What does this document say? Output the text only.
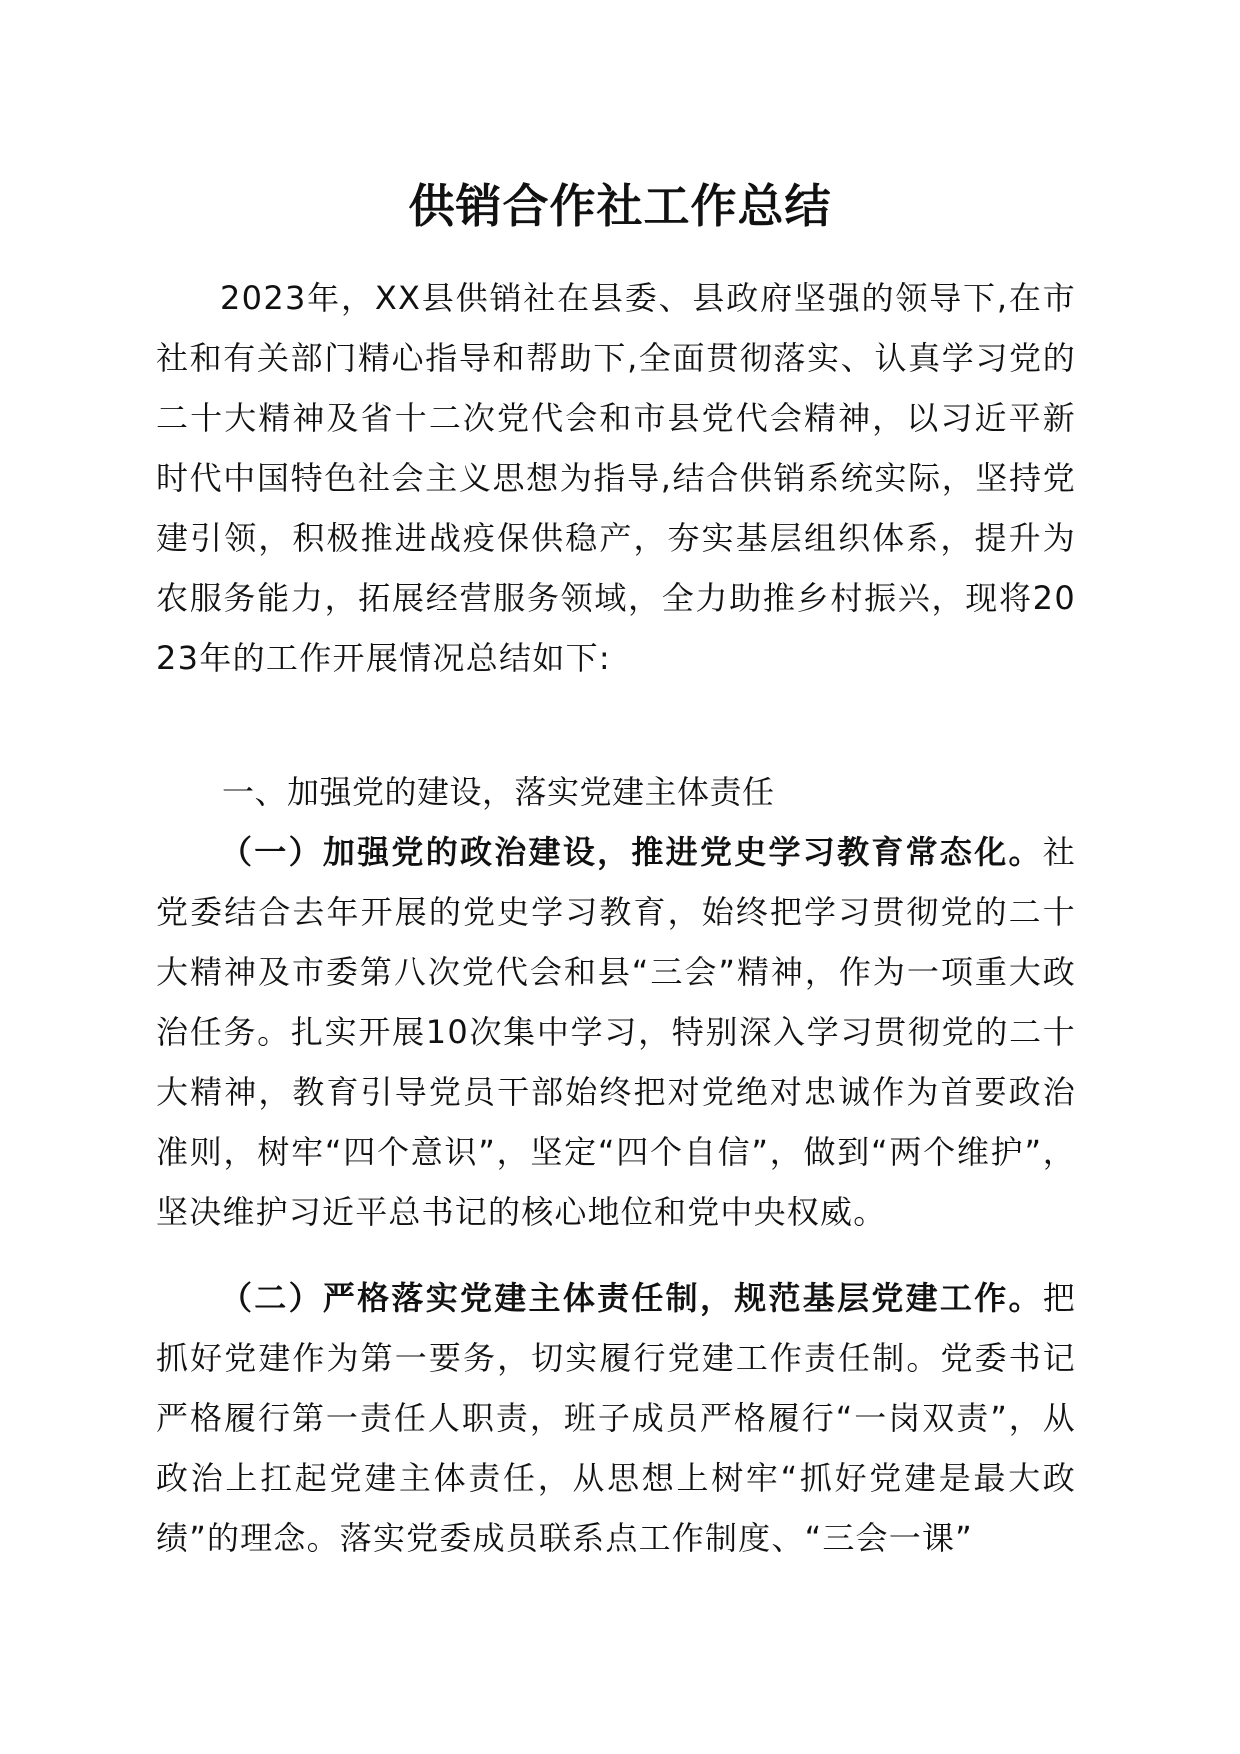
供销合作社工作总结

2023年，XX县供销社在县委、县政府坚强的领导下,在市社和有关部门精心指导和帮助下,全面贯彻落实、认真学习党的二十大精神及省十二次党代会和市县党代会精神，以习近平新时代中国特色社会主义思想为指导,结合供销系统实际，坚持党建引领，积极推进战疫保供稳产，夯实基层组织体系，提升为农服务能力，拓展经营服务领域，全力助推乡村振兴，现将2023年的工作开展情况总结如下:

一、加强党的建设，落实党建主体责任

（一）加强党的政治建设，推进党史学习教育常态化。社党委结合去年开展的党史学习教育，始终把学习贯彻党的二十大精神及市委第八次党代会和县“三会”精神，作为一项重大政治任务。扎实开展10次集中学习，特别深入学习贯彻党的二十大精神，教育引导党员干部始终把对党绝对忠诚作为首要政治准则，树牢“四个意识”，坚定“四个自信”，做到“两个维护”，坚决维护习近平总书记的核心地位和党中央权威。

（二）严格落实党建主体责任制，规范基层党建工作。把抓好党建作为第一要务，切实履行党建工作责任制。党委书记严格履行第一责任人职责，班子成员严格履行“一岗双责”，从政治上扛起党建主体责任，从思想上树牢“抓好党建是最大政绩”的理念。落实党委成员联系点工作制度、“三会一课”
